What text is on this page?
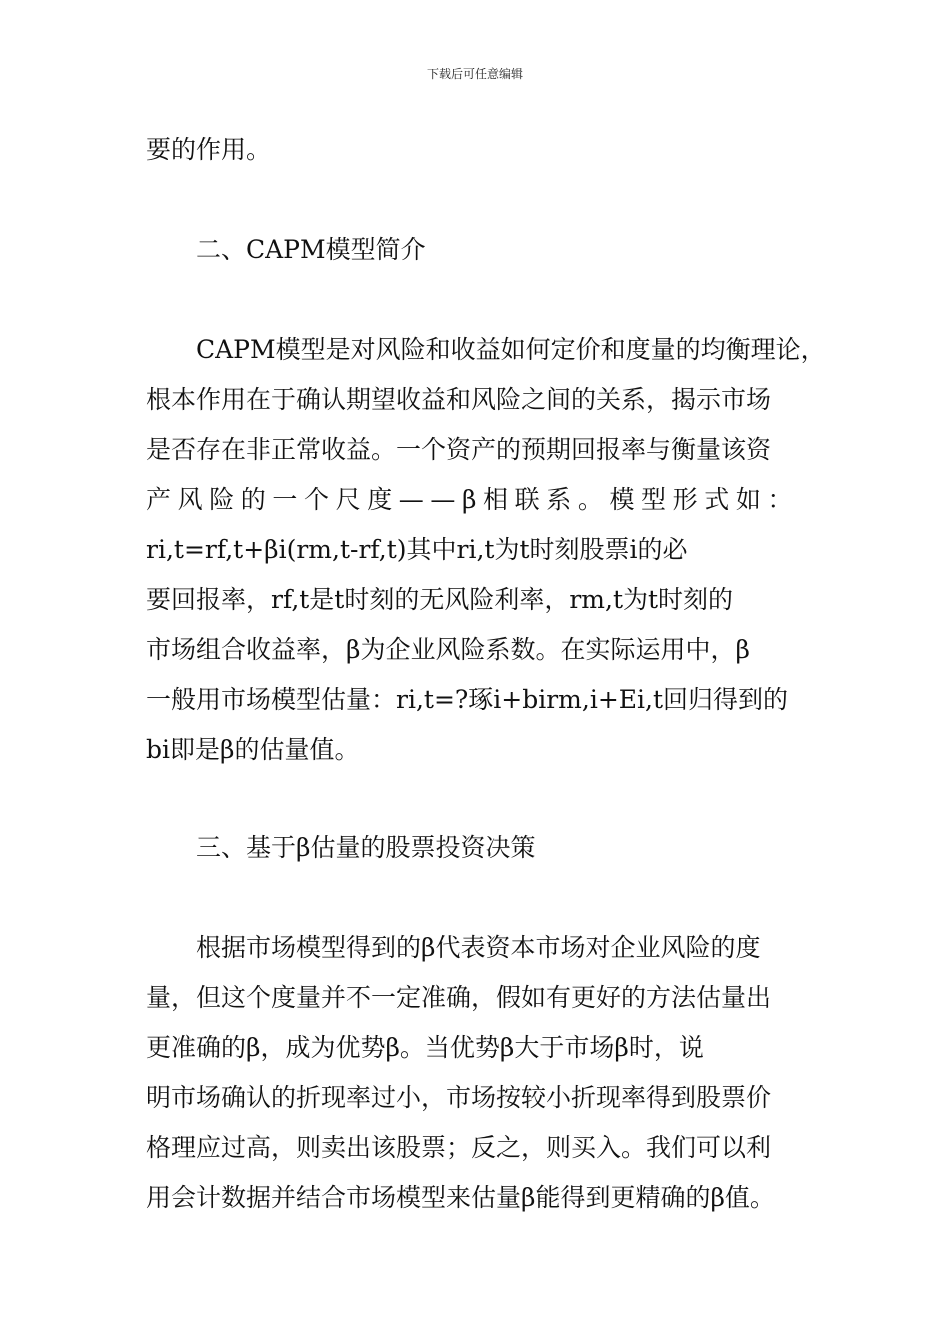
下载后可任意编辑
要的作用。
二、CAPM模型简介
CAPM模型是对风险和收益如何定价和度量的均衡理论，
根本作用在于确认期望收益和风险之间的关系，揭示市场
是否存在非正常收益。一个资产的预期回报率与衡量该资
产风险的一个尺度——β相联系。模型形式如：
ri,t=rf,t+βi(rm,t-rf,t)其中ri,t为t时刻股票i的必
要回报率，rf,t是t时刻的无风险利率，rm,t为t时刻的
市场组合收益率，β为企业风险系数。在实际运用中，β
一般用市场模型估量：ri,t=?琢i+birm,i+Ei,t回归得到的
bi即是β的估量值。
三、基于β估量的股票投资决策
根据市场模型得到的β代表资本市场对企业风险的度
量，但这个度量并不一定准确，假如有更好的方法估量出
更准确的β，成为优势β。当优势β大于市场β时，说
明市场确认的折现率过小，市场按较小折现率得到股票价
格理应过高，则卖出该股票；反之，则买入。我们可以利
用会计数据并结合市场模型来估量β能得到更精确的β值。
